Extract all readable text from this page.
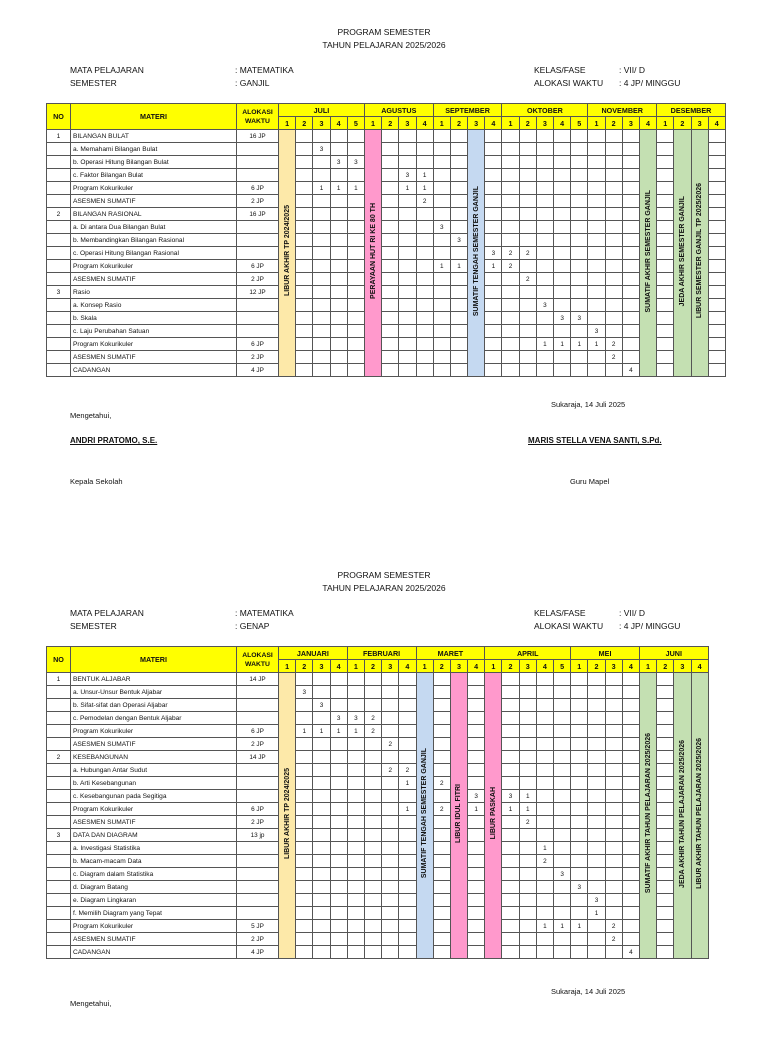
PROGRAM SEMESTER
TAHUN PELAJARAN 2025/2026
MATA PELAJARAN	: MATEMATIKA
SEMESTER	: GANJIL
KELAS/FASE	: VII/ D
ALOKASI WAKTU : 4 JP/ MINGGU
NO	MATERI	ALOKASI WAKTU	JULI					AGUSTUS				SEPTEMBER				OKTOBER					NOVEMBER				DESEMBER			
			1	2	3	4	5	1	2	3	4	1	2	3	4	1	2	3	4	5	1	2	3	4	1	2	3	4
1	BILANGAN BULAT	16 JP	LIBUR AKHIR TP 2024/2025					PERAYAAN HUT RI KE 80 TH						SUMATIF TENGAH SEMESTER GANJIL										SUMATIF AKHIR SEMESTER GANJIL		JEDA AKHIR SEMESTER GANJIL	LIBUR SEMESTER GANJIL TP 2025/2026	
	a. Memahami Bilangan Bulat				3																							
	b. Operasi Hitung Bilangan Bulat					3	3																					
	c. Faktor Bilangan Bulat									3	1																	
	Program Kokurikuler	6 JP			1	1	1			1	1																	
	ASESMEN SUMATIF	2 JP									2																	
2	BILANGAN RASIONAL	16 JP																										
	a. Di antara Dua Bilangan Bulat											3																
	b. Membandingkan Bilangan Rasional												3															
	c. Operasi Hitung Bilangan Rasional														3	2	2											
	Program Kokurikuler	6 JP										1	1		1	2												
	ASESMEN SUMATIF	2 JP															2											
3	Rasio	12 JP																										
	a. Konsep Rasio																	3										
	b. Skala																		3	3								
	c. Laju Perubahan Satuan																				3							
	Program Kokurikuler	6 JP																1	1	1	1	2						
	ASESMEN SUMATIF	2 JP																				2						
	CADANGAN	4 JP																					4					
Sukaraja, 14 Juli 2025
Mengetahui,
ANDRI PRATOMO, S.E.
Kepala Sekolah
MARIS STELLA VENA SANTI, S.Pd.
Guru Mapel
PROGRAM SEMESTER
TAHUN PELAJARAN 2025/2026
MATA PELAJARAN	: MATEMATIKA
SEMESTER	: GENAP
KELAS/FASE	: VII/ D
ALOKASI WAKTU : 4 JP/ MINGGU
NO	MATERI	ALOKASI WAKTU	JANUARI				FEBRUARI				MARET				APRIL					MEI				JUNI			
			1	2	3	4	1	2	3	4	1	2	3	4	1	2	3	4	5	1	2	3	4	1	2	3	4
1	BENTUK ALJABAR	14 JP	LIBUR AKHIR TP 2024/2025								SUMATIF TENGAH SEMESTER GANJIL		LIBUR IDUL FITRI		LIBUR PASKAH									SUMATIF AKHIR TAHUN PELAJARAN 2025/2026		JEDA AKHIR TAHUN PELAJARAN 2025/2026	LIBUR AKHIR TAHUN PELAJARAN 2025/2026
	a. Unsur-Unsur Bentuk Aljabar			3																							
	b. Sifat-sifat dan Operasi Aljabar				3																						
	c. Pemodelan dengan Bentuk Aljabar					3	3	2																			
	Program Kokurikuler	6 JP		1	1	1	1	2																			
	ASESMEN SUMATIF	2 JP							2																		
2	KESEBANGUNAN	14 JP																									
	a. Hubungan Antar Sudut								2	2																	
	b. Arti Kesebangunan									1		2															
	c. Kesebangunan pada Segitiga													3		3	1										
	Program Kokurikuler	6 JP								1		2		1		1	1										
	ASESMEN SUMATIF	2 JP															2										
3	DATA DAN DIAGRAM	13 jp																									
	a. Investigasi Statistika																	1									
	b. Macam-macam Data																	2									
	c. Diagram dalam Statistika																		3								
	d. Diagram Batang																			3							
	e. Diagram Lingkaran																				3						
	f. Memilih Diagram yang Tepat																				1						
	Program Kokurikuler	5 JP																1	1	1		2					
	ASESMEN SUMATIF	2 JP																				2					
	CADANGAN	4 JP																					4				
Sukaraja, 14 Juli 2025
Mengetahui,
